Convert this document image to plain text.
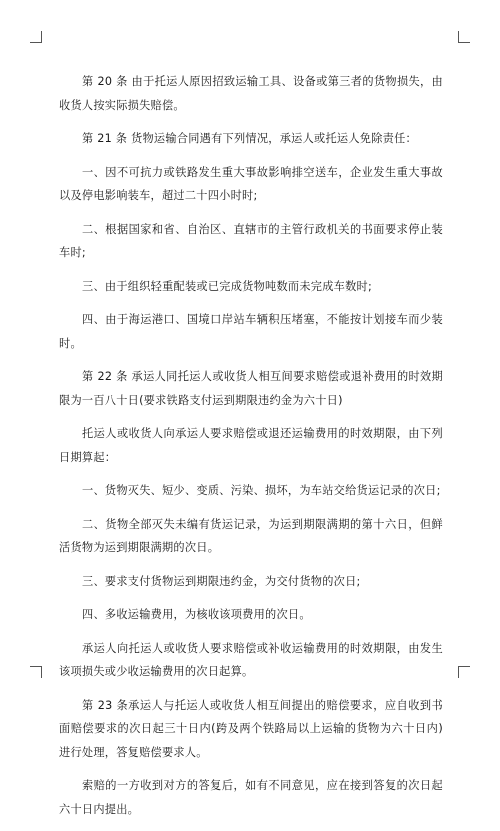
第 20 条 由于托运人原因招致运输工具、设备或第三者的货物损失，由收货人按实际损失赔偿。

第 21 条 货物运输合同遇有下列情况，承运人或托运人免除责任：

一、因不可抗力或铁路发生重大事故影响排空送车，企业发生重大事故以及停电影响装车，超过二十四小时时;

二、根据国家和省、自治区、直辖市的主管行政机关的书面要求停止装车时;

三、由于组织轻重配装或已完成货物吨数而未完成车数时;

四、由于海运港口、国境口岸站车辆积压堵塞，不能按计划接车而少装时。

第 22 条 承运人同托运人或收货人相互间要求赔偿或退补费用的时效期限为一百八十日(要求铁路支付运到期限违约金为六十日)

托运人或收货人向承运人要求赔偿或退还运输费用的时效期限，由下列日期算起：

一、货物灭失、短少、变质、污染、损坏，为车站交给货运记录的次日;

二、货物全部灭失未编有货运记录，为运到期限满期的第十六日，但鲜活货物为运到期限满期的次日。

三、要求支付货物运到期限违约金，为交付货物的次日;

四、多收运输费用，为核收该项费用的次日。

承运人向托运人或收货人要求赔偿或补收运输费用的时效期限，由发生该项损失或少收运输费用的次日起算。

第 23 条承运人与托运人或收货人相互间提出的赔偿要求，应自收到书面赔偿要求的次日起三十日内(跨及两个铁路局以上运输的货物为六十日内)进行处理，答复赔偿要求人。

索赔的一方收到对方的答复后，如有不同意见，应在接到答复的次日起六十日内提出。
